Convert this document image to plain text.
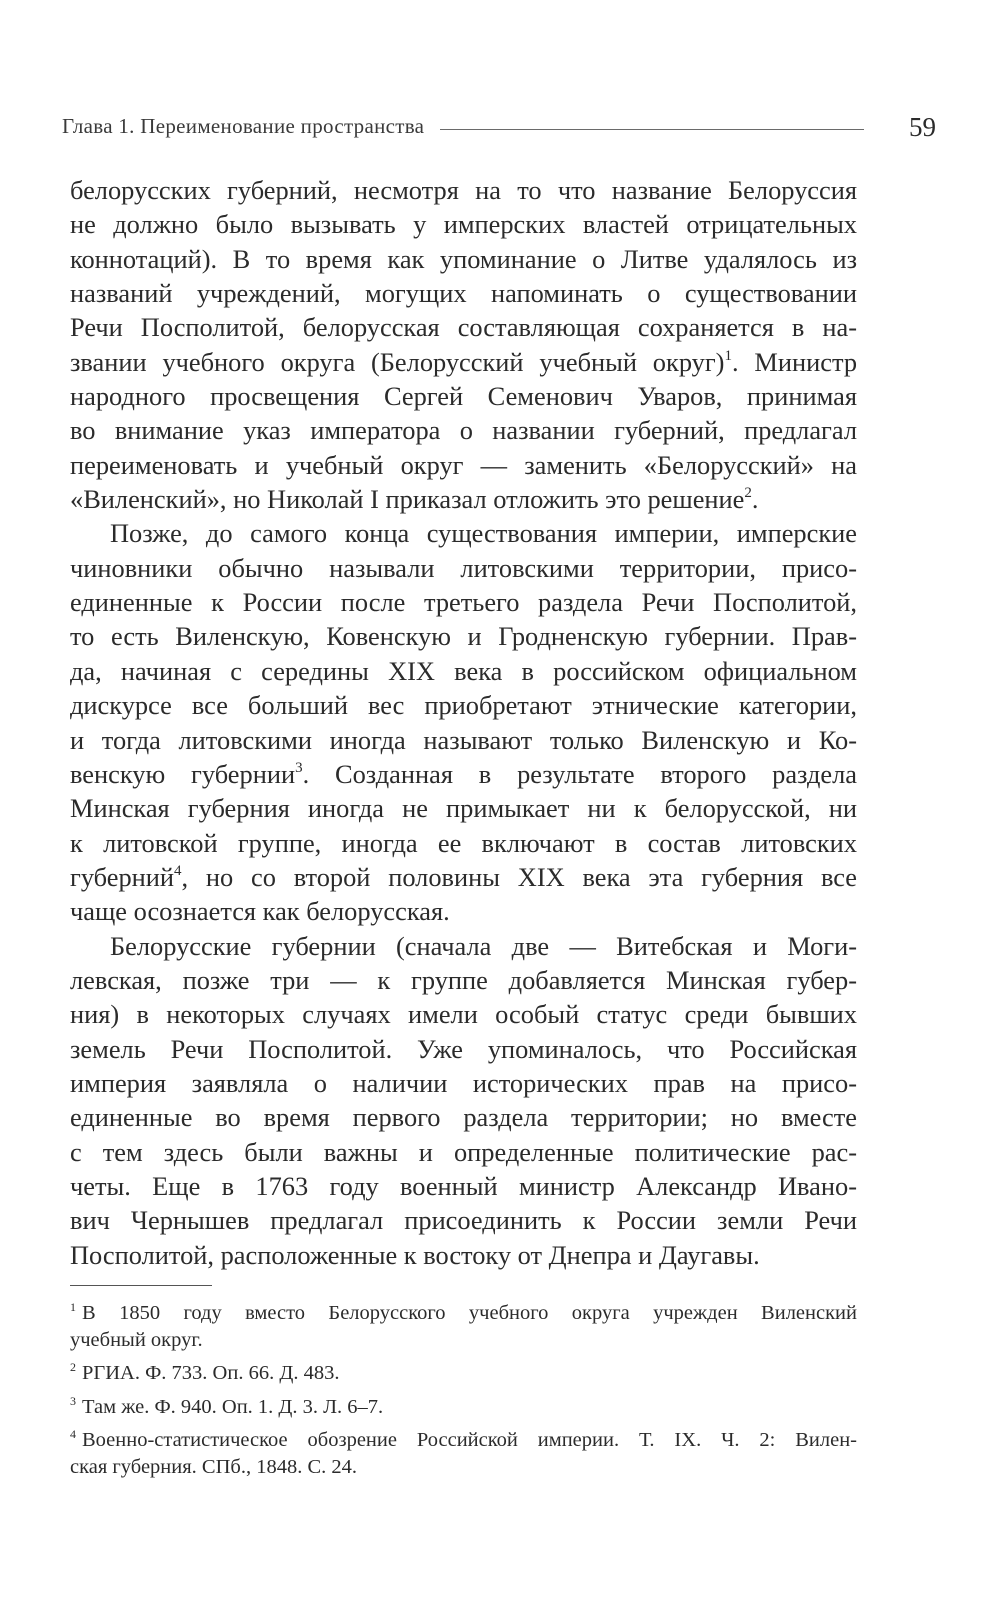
Глава 1. Переименование пространства	59
белорусских губерний, несмотря на то что название Белоруссия
не должно было вызывать у имперских властей отрицательных
коннотаций). В то время как упоминание о Литве удалялось из
названий учреждений, могущих напоминать о существовании
Речи Посполитой, белорусская составляющая сохраняется в на-
звании учебного округа (Белорусский учебный округ)$^1$. Министр
народного просвещения Сергей Семенович Уваров, принимая
во внимание указ императора о названии губерний, предлагал
переименовать и учебный округ — заменить «Белорусский» на
«Виленский», но Николай I приказал отложить это решение$^2$.
Позже, до самого конца существования империи, имперские
чиновники обычно называли литовскими территории, присо-
единенные к России после третьего раздела Речи Посполитой,
то есть Виленскую, Ковенскую и Гродненскую губернии. Прав-
да, начиная с середины XIX века в российском официальном
дискурсе все больший вес приобретают этнические категории,
и тогда литовскими иногда называют только Виленскую и Ко-
венскую губернии$^3$. Созданная в результате второго раздела
Минская губерния иногда не примыкает ни к белорусской, ни
к литовской группе, иногда ее включают в состав литовских
губерний$^4$, но со второй половины XIX века эта губерния все
чаще осознается как белорусская.
Белорусские губернии (сначала две — Витебская и Моги-
левская, позже три — к группе добавляется Минская губер-
ния) в некоторых случаях имели особый статус среди бывших
земель Речи Посполитой. Уже упоминалось, что Российская
империя заявляла о наличии исторических прав на присо-
единенные во время первого раздела территории; но вместе
с тем здесь были важны и определенные политические рас-
четы. Еще в 1763 году военный министр Александр Ивано-
вич Чернышев предлагал присоединить к России земли Речи
Посполитой, расположенные к востоку от Днепра и Даугавы.
$^1$ В 1850 году вместо Белорусского учебного округа учрежден Виленский
учебный округ.
$^2$ РГИА. Ф. 733. Оп. 66. Д. 483.
$^3$ Там же. Ф. 940. Оп. 1. Д. 3. Л. 6–7.
$^4$ Военно-статистическое обозрение Российской империи. Т. IX. Ч. 2: Вилен-
ская губерния. СПб., 1848. С. 24.
